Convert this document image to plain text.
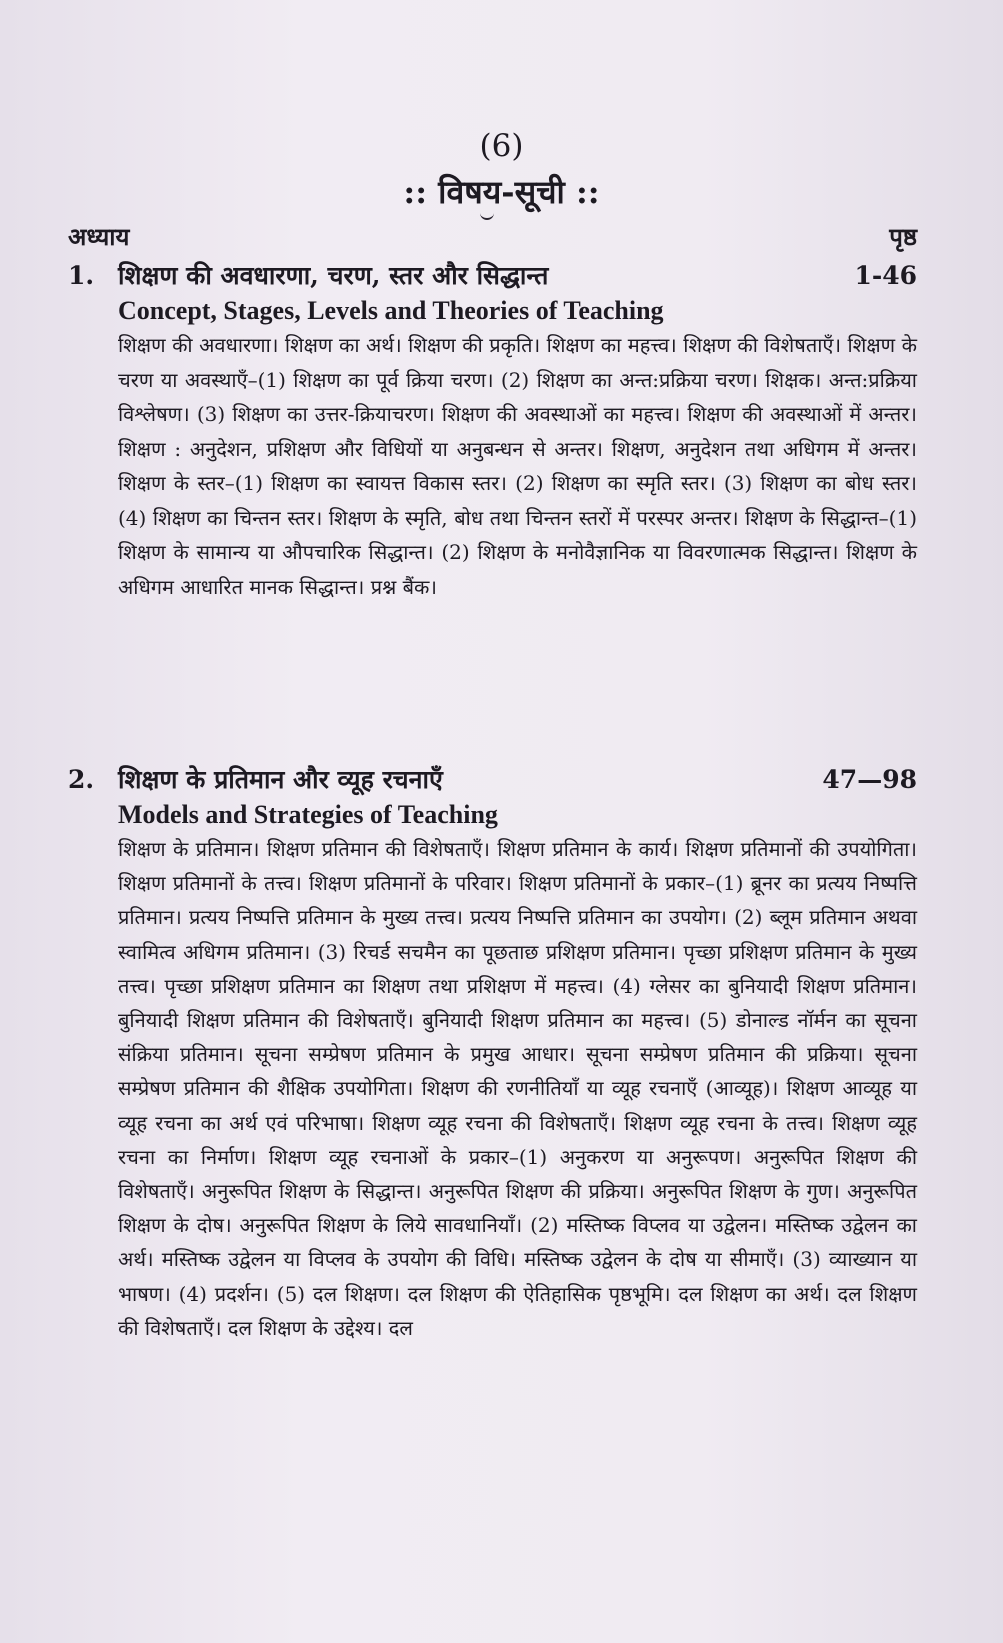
(6)
:: विषय-सूची ::
अध्याय	पृष्ठ
1. शिक्षण की अवधारणा, चरण, स्तर और सिद्धान्त	1-46
Concept, Stages, Levels and Theories of Teaching
शिक्षण की अवधारणा। शिक्षण का अर्थ। शिक्षण की प्रकृति। शिक्षण का महत्त्व। शिक्षण की विशेषताएँ। शिक्षण के चरण या अवस्थाएँ–(1) शिक्षण का पूर्व क्रिया चरण। (2) शिक्षण का अन्त:प्रक्रिया चरण। शिक्षक। अन्त:प्रक्रिया विश्लेषण। (3) शिक्षण का उत्तर-क्रियाचरण। शिक्षण की अवस्थाओं का महत्त्व। शिक्षण की अवस्थाओं में अन्तर। शिक्षण : अनुदेशन, प्रशिक्षण और विधियों या अनुबन्धन से अन्तर। शिक्षण, अनुदेशन तथा अधिगम में अन्तर। शिक्षण के स्तर–(1) शिक्षण का स्वायत्त विकास स्तर। (2) शिक्षण का स्मृति स्तर। (3) शिक्षण का बोध स्तर। (4) शिक्षण का चिन्तन स्तर। शिक्षण के स्मृति, बोध तथा चिन्तन स्तरों में परस्पर अन्तर। शिक्षण के सिद्धान्त–(1) शिक्षण के सामान्य या औपचारिक सिद्धान्त। (2) शिक्षण के मनोवैज्ञानिक या विवरणात्मक सिद्धान्त। शिक्षण के अधिगम आधारित मानक सिद्धान्त। प्रश्न बैंक।
2. शिक्षण के प्रतिमान और व्यूह रचनाएँ	47—98
Models and Strategies of Teaching
शिक्षण के प्रतिमान। शिक्षण प्रतिमान की विशेषताएँ। शिक्षण प्रतिमान के कार्य। शिक्षण प्रतिमानों की उपयोगिता। शिक्षण प्रतिमानों के तत्त्व। शिक्षण प्रतिमानों के परिवार। शिक्षण प्रतिमानों के प्रकार–(1) ब्रूनर का प्रत्यय निष्पत्ति प्रतिमान। प्रत्यय निष्पत्ति प्रतिमान के मुख्य तत्त्व। प्रत्यय निष्पत्ति प्रतिमान का उपयोग। (2) ब्लूम प्रतिमान अथवा स्वामित्व अधिगम प्रतिमान। (3) रिचर्ड सचमैन का पूछताछ प्रशिक्षण प्रतिमान। पृच्छा प्रशिक्षण प्रतिमान के मुख्य तत्त्व। पृच्छा प्रशिक्षण प्रतिमान का शिक्षण तथा प्रशिक्षण में महत्त्व। (4) ग्लेसर का बुनियादी शिक्षण प्रतिमान। बुनियादी शिक्षण प्रतिमान की विशेषताएँ। बुनियादी शिक्षण प्रतिमान का महत्त्व। (5) डोनाल्ड नॉर्मन का सूचना संक्रिया प्रतिमान। सूचना सम्प्रेषण प्रतिमान के प्रमुख आधार। सूचना सम्प्रेषण प्रतिमान की प्रक्रिया। सूचना सम्प्रेषण प्रतिमान की शैक्षिक उपयोगिता। शिक्षण की रणनीतियाँ या व्यूह रचनाएँ (आव्यूह)। शिक्षण आव्यूह या व्यूह रचना का अर्थ एवं परिभाषा। शिक्षण व्यूह रचना की विशेषताएँ। शिक्षण व्यूह रचना के तत्त्व। शिक्षण व्यूह रचना का निर्माण। शिक्षण व्यूह रचनाओं के प्रकार–(1) अनुकरण या अनुरूपण। अनुरूपित शिक्षण की विशेषताएँ। अनुरूपित शिक्षण के सिद्धान्त। अनुरूपित शिक्षण की प्रक्रिया। अनुरूपित शिक्षण के गुण। अनुरूपित शिक्षण के दोष। अनुरूपित शिक्षण के लिये सावधानियाँ। (2) मस्तिष्क विप्लव या उद्वेलन। मस्तिष्क उद्वेलन का अर्थ। मस्तिष्क उद्वेलन या विप्लव के उपयोग की विधि। मस्तिष्क उद्वेलन के दोष या सीमाएँ। (3) व्याख्यान या भाषण। (4) प्रदर्शन। (5) दल शिक्षण। दल शिक्षण की ऐतिहासिक पृष्ठभूमि। दल शिक्षण का अर्थ। दल शिक्षण की विशेषताएँ। दल शिक्षण के उद्देश्य। दल
